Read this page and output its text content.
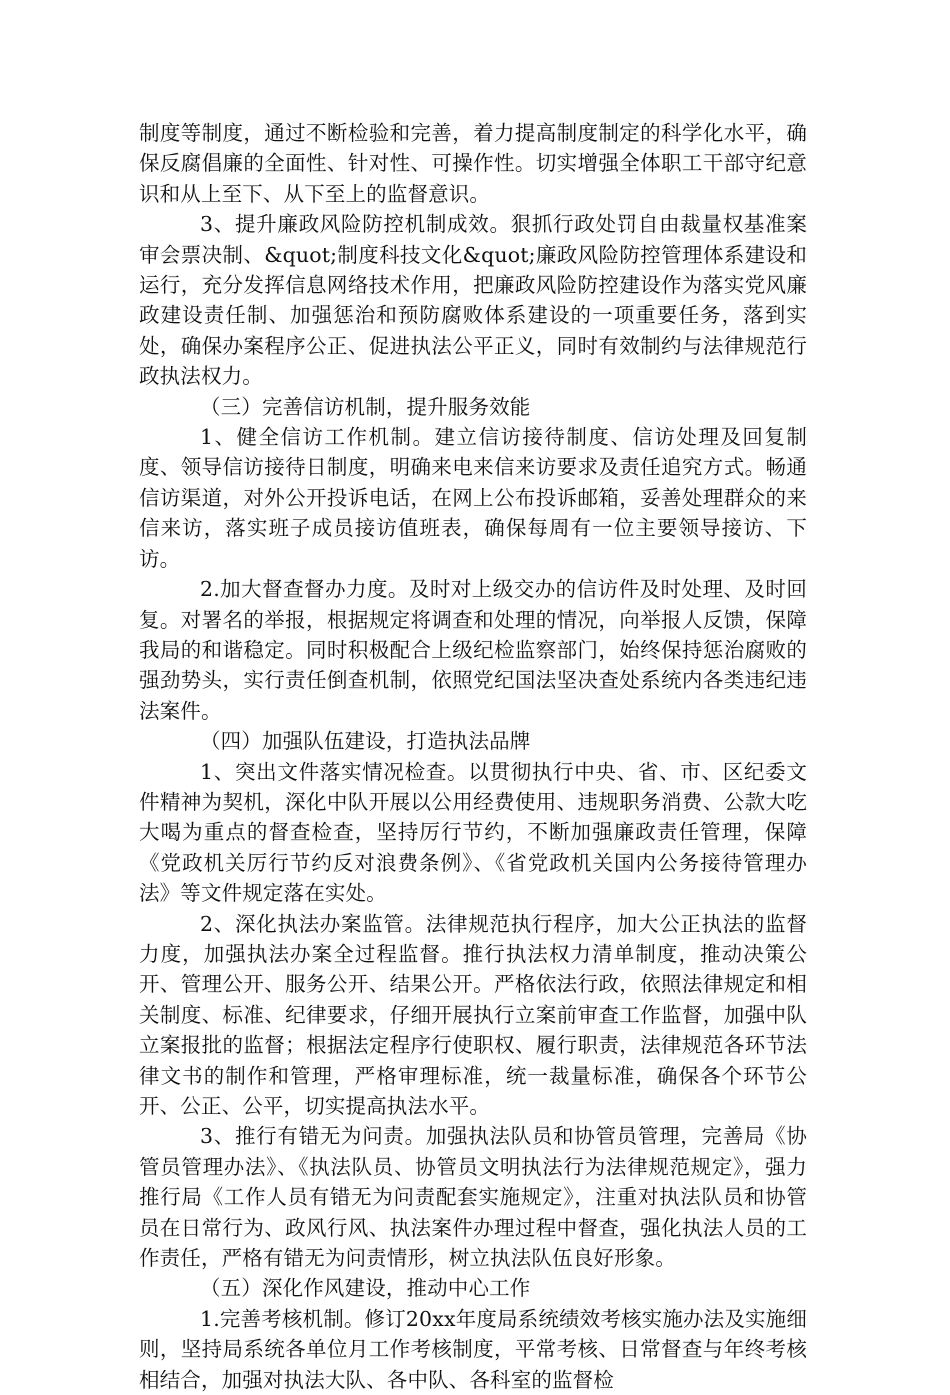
制度等制度，通过不断检验和完善，着力提高制度制定的科学化水平，确保反腐倡廉的全面性、针对性、可操作性。切实增强全体职工干部守纪意识和从上至下、从下至上的监督意识。

3、提升廉政风险防控机制成效。狠抓行政处罚自由裁量权基准案审会票决制、&quot;制度科技文化&quot;廉政风险防控管理体系建设和运行，充分发挥信息网络技术作用，把廉政风险防控建设作为落实党风廉政建设责任制、加强惩治和预防腐败体系建设的一项重要任务，落到实处，确保办案程序公正、促进执法公平正义，同时有效制约与法律规范行政执法权力。

（三）完善信访机制，提升服务效能

1、健全信访工作机制。建立信访接待制度、信访处理及回复制度、领导信访接待日制度，明确来电来信来访要求及责任追究方式。畅通信访渠道，对外公开投诉电话，在网上公布投诉邮箱，妥善处理群众的来信来访，落实班子成员接访值班表，确保每周有一位主要领导接访、下访。

2.加大督查督办力度。及时对上级交办的信访件及时处理、及时回复。对署名的举报，根据规定将调查和处理的情况，向举报人反馈，保障我局的和谐稳定。同时积极配合上级纪检监察部门，始终保持惩治腐败的强劲势头，实行责任倒查机制，依照党纪国法坚决查处系统内各类违纪违法案件。

（四）加强队伍建设，打造执法品牌

1、突出文件落实情况检查。以贯彻执行中央、省、市、区纪委文件精神为契机，深化中队开展以公用经费使用、违规职务消费、公款大吃大喝为重点的督查检查，坚持厉行节约，不断加强廉政责任管理，保障《党政机关厉行节约反对浪费条例》、《省党政机关国内公务接待管理办法》等文件规定落在实处。

2、深化执法办案监管。法律规范执行程序，加大公正执法的监督力度，加强执法办案全过程监督。推行执法权力清单制度，推动决策公开、管理公开、服务公开、结果公开。严格依法行政，依照法律规定和相关制度、标准、纪律要求，仔细开展执行立案前审查工作监督，加强中队立案报批的监督；根据法定程序行使职权、履行职责，法律规范各环节法律文书的制作和管理，严格审理标准，统一裁量标准，确保各个环节公开、公正、公平，切实提高执法水平。

3、推行有错无为问责。加强执法队员和协管员管理，完善局《协管员管理办法》、《执法队员、协管员文明执法行为法律规范规定》，强力推行局《工作人员有错无为问责配套实施规定》，注重对执法队员和协管员在日常行为、政风行风、执法案件办理过程中督查，强化执法人员的工作责任，严格有错无为问责情形，树立执法队伍良好形象。

（五）深化作风建设，推动中心工作

1.完善考核机制。修订20xx年度局系统绩效考核实施办法及实施细则，坚持局系统各单位月工作考核制度，平常考核、日常督查与年终考核相结合，加强对执法大队、各中队、各科室的监督检
